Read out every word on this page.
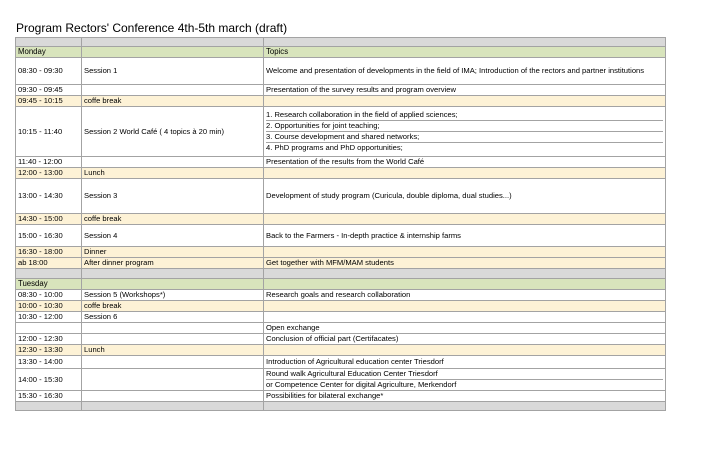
Program Rectors' Conference 4th-5th march (draft)

Monday		Topics
08:30 - 09:30	Session 1	Welcome and presentation of developments in the field of IMA; Introduction of the rectors and partner institutions
09:30 - 09:45		Presentation of the survey results and program overview
09:45 - 10:15	coffe break	
10:15 - 11:40	Session 2 World Café ( 4 topics à 20 min)	1. Research collaboration in the field of applied sciences;
2. Opportunities for joint teaching;
3. Course development and shared networks;
4. PhD programs and PhD opportunities;

11:40 - 12:00		Presentation of the results from the World Café
12:00 - 13:00	Lunch	
13:00 - 14:30	Session 3	Development of study program (Curicula, double diploma, dual studies...)
14:30 - 15:00	coffe break	
15:00 - 16:30	Session 4	Back to the Farmers - In-depth practice & internship farms
16:30 - 18:00	Dinner	
ab 18:00	After dinner program	Get together with MFM/MAM students

Tuesday		
08:30 - 10:00	Session 5 (Workshops*)	Research goals and research collaboration
10:00 - 10:30	coffe break	
10:30 - 12:00	Session 6	
		Open exchange
12:00 - 12:30		Conclusion of official part (Certifacates)
12:30 - 13:30	Lunch	
13:30 - 14:00		Introduction of Agricultural education center Triesdorf
14:00 - 15:30		Round walk Agricultural Education Center Triesdorf
or Competence Center for digital Agriculture, Merkendorf

15:30 - 16:30		Possibilities for bilateral exchange*
